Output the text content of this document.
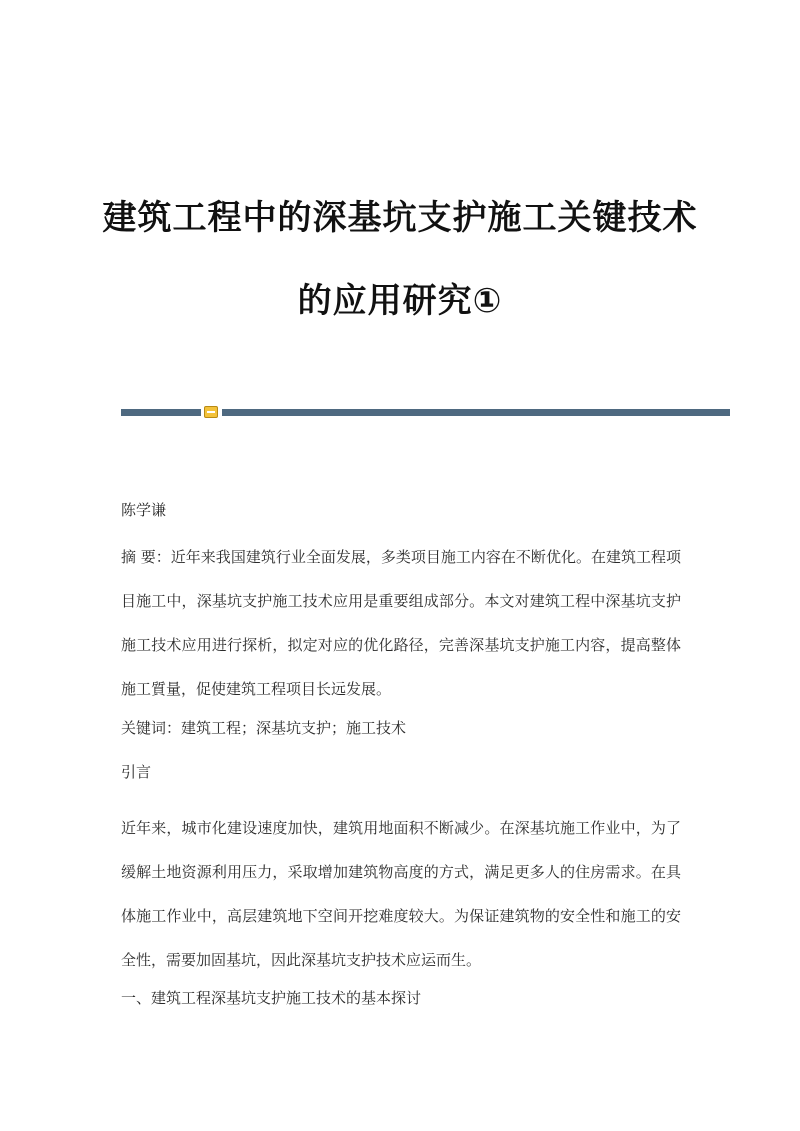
建筑工程中的深基坑支护施工关键技术
的应用研究①

陈学谦

摘 要：近年来我国建筑行业全面发展，多类项目施工内容在不断优化。在建筑工程项目施工中，深基坑支护施工技术应用是重要组成部分。本文对建筑工程中深基坑支护施工技术应用进行探析，拟定对应的优化路径，完善深基坑支护施工内容，提高整体施工質量，促使建筑工程项目长远发展。

关键词：建筑工程；深基坑支护；施工技术

引言

近年来，城市化建设速度加快，建筑用地面积不断减少。在深基坑施工作业中，为了缓解土地资源利用压力，采取增加建筑物高度的方式，满足更多人的住房需求。在具体施工作业中，高层建筑地下空间开挖难度较大。为保证建筑物的安全性和施工的安全性，需要加固基坑，因此深基坑支护技术应运而生。

一、建筑工程深基坑支护施工技术的基本探讨
